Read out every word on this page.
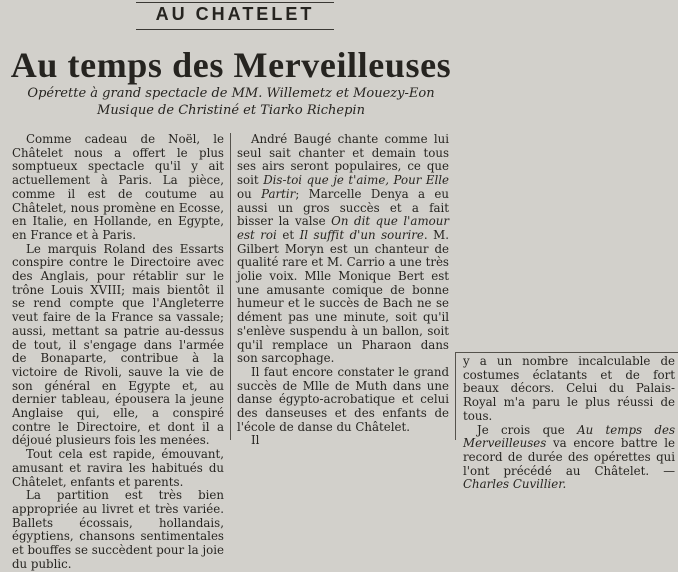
AU CHATELET
Au temps des Merveilleuses
Opérette à grand spectacle de MM. Willemetz et Mouezy-Eon
Musique de Christiné et Tiarko Richepin

Comme cadeau de Noël, le Châtelet nous a offert le plus somptueux spectacle qu'il y ait actuellement à Paris. La pièce, comme il est de coutume au Châtelet, nous promène en Ecosse, en Italie, en Hollande, en Egypte, en France et à Paris.

Le marquis Roland des Essarts conspire contre le Directoire avec des Anglais, pour rétablir sur le trône Louis XVIII; mais bientôt il se rend compte que l'Angleterre veut faire de la France sa vassale; aussi, mettant sa patrie au-dessus de tout, il s'engage dans l'armée de Bonaparte, contribue à la victoire de Rivoli, sauve la vie de son général en Egypte et, au dernier tableau, épousera la jeune Anglaise qui, elle, a conspiré contre le Directoire, et dont il a déjoué plusieurs fois les menées.

Tout cela est rapide, émouvant, amusant et ravira les habitués du Châtelet, enfants et parents.

La partition est très bien appropriée au livret et très variée. Ballets écossais, hollandais, égyptiens, chansons sentimentales et bouffes se succèdent pour la joie du public.

André Baugé chante comme lui seul sait chanter et demain tous ses airs seront populaires, ce que soit Dis-toi que je t'aime, Pour Elle ou Partir; Marcelle Denya a eu aussi un gros succès et a fait bisser la valse On dit que l'amour est roi et Il suffit d'un sourire. M. Gilbert Moryn est un chanteur de qualité rare et M. Carrio a une très jolie voix. Mlle Monique Bert est une amusante comique de bonne humeur et le succès de Bach ne se dément pas une minute, soit qu'il s'enlève suspendu à un ballon, soit qu'il remplace un Pharaon dans son sarcophage.

Il faut encore constater le grand succès de Mlle de Muth dans une danse égypto-acrobatique et celui des danseuses et des enfants de l'école de danse du Châtelet.

Il

y a un nombre incalculable de costumes éclatants et de fort beaux décors. Celui du Palais-Royal m'a paru le plus réussi de tous.

Je crois que Au temps des Merveilleuses va encore battre le record de durée des opérettes qui l'ont précédé au Châtelet. — Charles Cuvillier.
